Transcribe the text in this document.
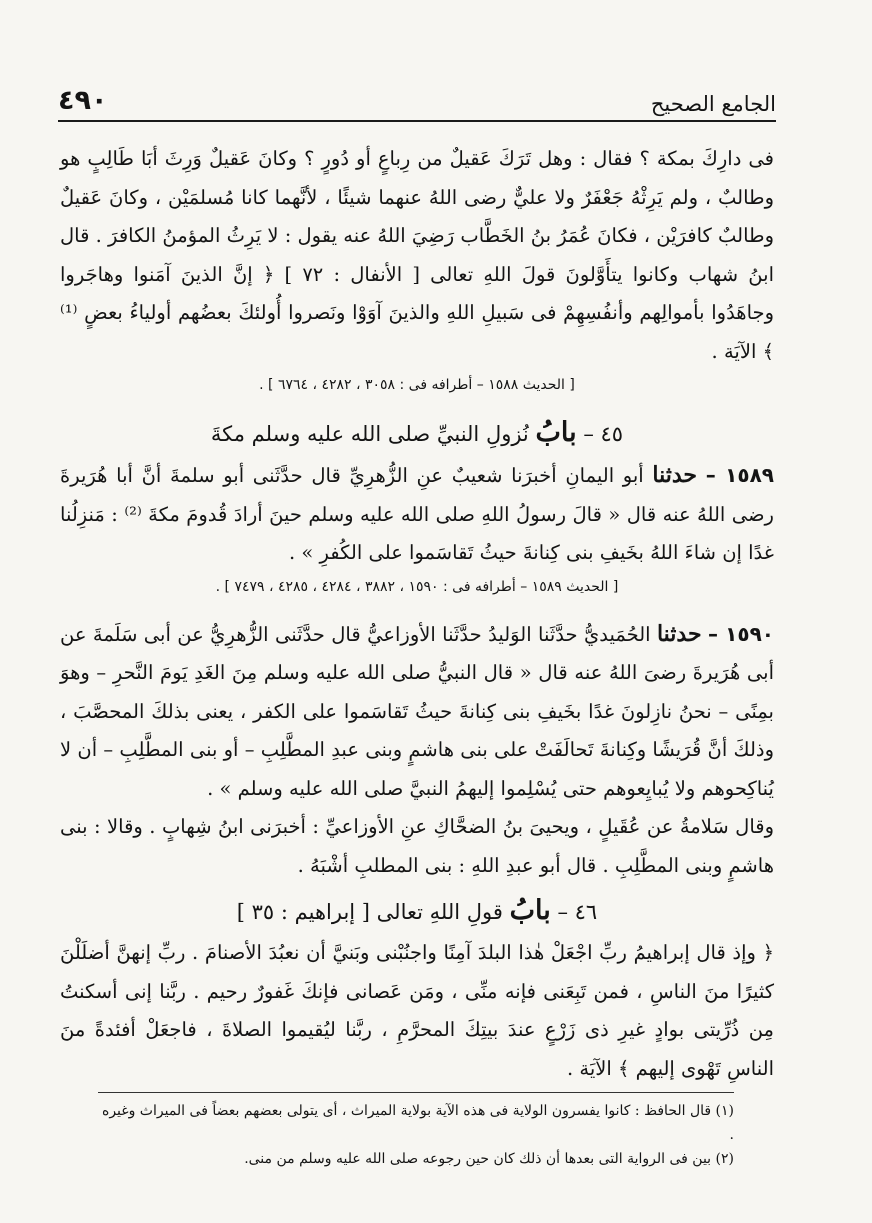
الجامع الصحيح
٤٩٠

فى دارِكَ بمكة ؟ فقال : وهل تَرَكَ عَقيلٌ من رِباعٍ أو دُورٍ ؟ وكانَ عَقيلٌ وَرِثَ أبَا طَالِبٍ هو وطالبٌ ، ولم يَرِثْهُ جَعْفَرٌ ولا عليٌّ رضى اللهُ عنهما شيئًا ، لأنَّهما كانا مُسلمَيْن ، وكانَ عَقيلٌ وطالبٌ كافرَيْن ، فكانَ عُمَرُ بنُ الخَطَّاب رَضِيَ اللهُ عنه يقول : لا يَرِثُ المؤمنُ الكافرَ . قال ابنُ شهاب وكانوا يتأَوَّلونَ قولَ اللهِ تعالى [ الأنفال : ٧٢ ] ﴿ إنَّ الذينَ آمَنوا وهاجَروا وجاهَدُوا بأموالِهم وأنفُسِهِمْ فى سَبيلِ اللهِ والذينَ آوَوْا ونَصروا أُولئكَ بعضُهم أولياءُ بعضٍ ⁽¹⁾ ﴾ الآيَة .

[ الحديث ١٥٨٨ – أطرافه فى : ٣٠٥٨ ، ٤٢٨٢ ، ٦٧٦٤ ] .

٤٥ – بابُ نُزولِ النبيِّ صلى الله عليه وسلم مكةَ

١٥٨٩ – حدثنا أبو اليمانِ أخبرَنا شعيبٌ عنِ الزُّهرِيِّ قال حدَّثَنى أبو سلمةَ أنَّ أبا هُرَيرةَ رضى اللهُ عنه قال « قالَ رسولُ اللهِ صلى الله عليه وسلم حينَ أرادَ قُدومَ مكةَ ⁽²⁾ : مَنزِلُنا غدًا إن شاءَ اللهُ بخَيفِ بنى كِنانةَ حيثُ تَقاسَموا على الكُفرِ » .

[ الحديث ١٥٨٩ – أطرافه فى : ١٥٩٠ ، ٣٨٨٢ ، ٤٢٨٤ ، ٤٢٨٥ ، ٧٤٧٩ ] .

١٥٩٠ – حدثنا الحُمَيديُّ حدَّثَنا الوَليدُ حدَّثَنا الأوزاعيُّ قال حدَّثَنى الزُّهرِيُّ عن أبى سَلَمةَ عن أبى هُرَيرةَ رضىَ اللهُ عنه قال « قال النبيُّ صلى الله عليه وسلم مِنَ الغَدِ يَومَ النَّحرِ – وهوَ بمِنًى – نحنُ نازِلونَ غدًا بخَيفِ بنى كِنانةَ حيثُ تَقاسَموا على الكفر ، يعنى بذلكَ المحصَّبَ ، وذلكَ أنَّ قُرَيشًا وكِنانةَ تَحالَفَتْ على بنى هاشمٍ وبنى عبدِ المطَّلِبِ – أو بنى المطَّلِبِ – أن لا يُناكِحوهم ولا يُبايِعوهم حتى يُسْلِموا إليهمُ النبيَّ صلى الله عليه وسلم » .

وقال سَلامةُ عن عُقَيلٍ ، ويحيىَ بنُ الضحَّاكِ عنِ الأوزاعيِّ : أخبرَنى ابنُ شِهابٍ . وقالا : بنى هاشمٍ وبنى المطَّلِبِ . قال أبو عبدِ اللهِ : بنى المطلبِ أشْبَهُ .

٤٦ – بابُ قولِ اللهِ تعالى [ إبراهيم : ٣٥ ]

﴿ وإذ قال إبراهيمُ ربِّ اجْعَلْ هٰذا البلدَ آمِنًا واجنُبْنى وبَنيَّ أن نعبُدَ الأصنامَ . ربِّ إنهنَّ أضلَلْنَ كثيرًا منَ الناسِ ، فمن تَبِعَنى فإنه منِّى ، ومَن عَصانى فإنكَ غَفورٌ رحيم . ربَّنا إنى أسكنتُ مِن ذُرِّيتى بوادٍ غيرِ ذى زَرْعٍ عندَ بيتِكَ المحرَّمِ ، ربَّنا ليُقيموا الصلاةَ ، فاجعَلْ أفئدةً منَ الناسِ تَهْوى إليهم ﴾ الآيَة .

(١) قال الحافظ : كانوا يفسرون الولاية فى هذه الآية بولاية الميراث ، أى يتولى بعضهم بعضاً فى الميراث وغيره .

(٢) بين فى الرواية التى بعدها أن ذلك كان حين رجوعه صلى الله عليه وسلم من منى.
